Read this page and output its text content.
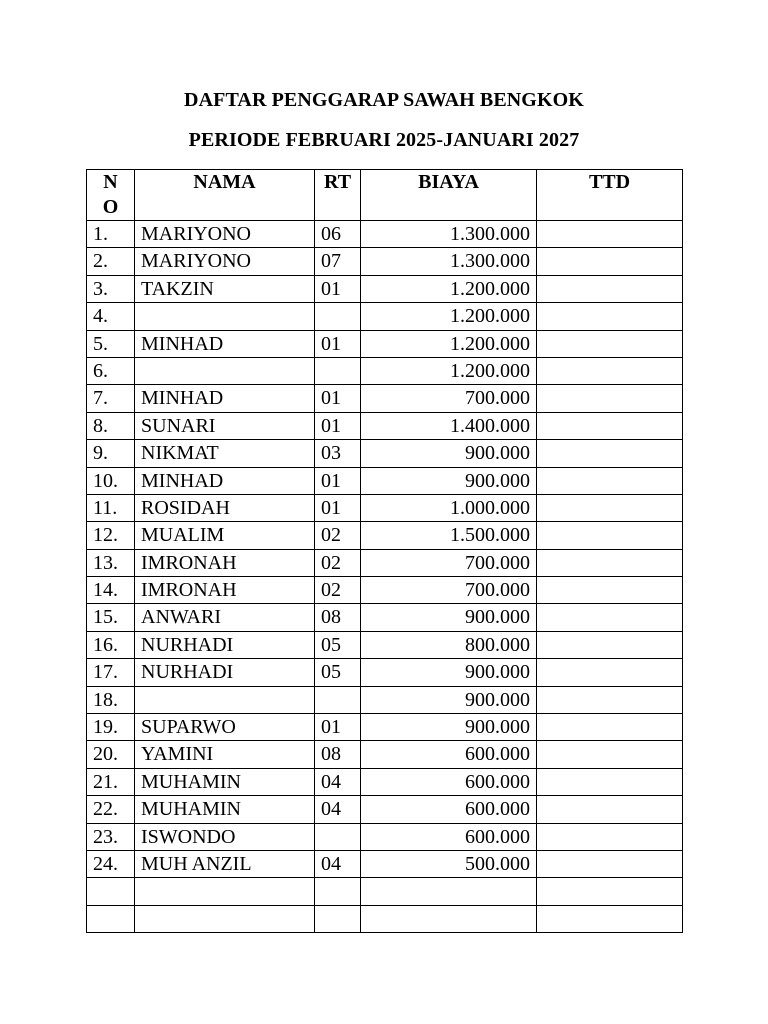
DAFTAR PENGGARAP SAWAH BENGKOK
PERIODE FEBRUARI 2025-JANUARI 2027
NO	NAMA	RT	BIAYA	TTD
1.	MARIYONO	06	1.300.000	
2.	MARIYONO	07	1.300.000	
3.	TAKZIN	01	1.200.000	
4.			1.200.000	
5.	MINHAD	01	1.200.000	
6.			1.200.000	
7.	MINHAD	01	700.000	
8.	SUNARI	01	1.400.000	
9.	NIKMAT	03	900.000	
10.	MINHAD	01	900.000	
11.	ROSIDAH	01	1.000.000	
12.	MUALIM	02	1.500.000	
13.	IMRONAH	02	700.000	
14.	IMRONAH	02	700.000	
15.	ANWARI	08	900.000	
16.	NURHADI	05	800.000	
17.	NURHADI	05	900.000	
18.			900.000	
19.	SUPARWO	01	900.000	
20.	YAMINI	08	600.000	
21.	MUHAMIN	04	600.000	
22.	MUHAMIN	04	600.000	
23.	ISWONDO		600.000	
24.	MUH ANZIL	04	500.000	
